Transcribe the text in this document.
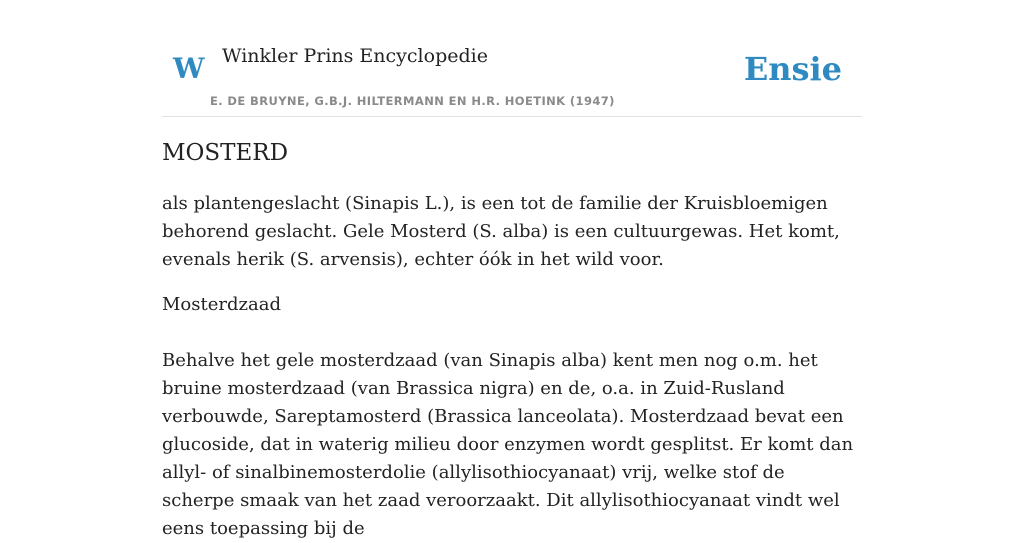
W Winkler Prins Encyclopedie
E. DE BRUYNE, G.B.J. HILTERMANN EN H.R. HOETINK (1947)
Ensie
MOSTERD

als plantengeslacht (Sinapis L.), is een tot de familie der Kruisbloemigen behorend geslacht. Gele Mosterd (S. alba) is een cultuurgewas. Het komt, evenals herik (S. arvensis), echter óók in het wild voor.

Mosterdzaad

Behalve het gele mosterdzaad (van Sinapis alba) kent men nog o.m. het bruine mosterdzaad (van Brassica nigra) en de, o.a. in Zuid-Rusland verbouwde, Sareptamosterd (Brassica lanceolata). Mosterdzaad bevat een glucoside, dat in waterig milieu door enzymen wordt gesplitst. Er komt dan allyl- of sinalbinemosterdolie (allylisothiocyanaat) vrij, welke stof de scherpe smaak van het zaad veroorzaakt. Dit allylisothiocyanaat vindt wel eens toepassing bij de
